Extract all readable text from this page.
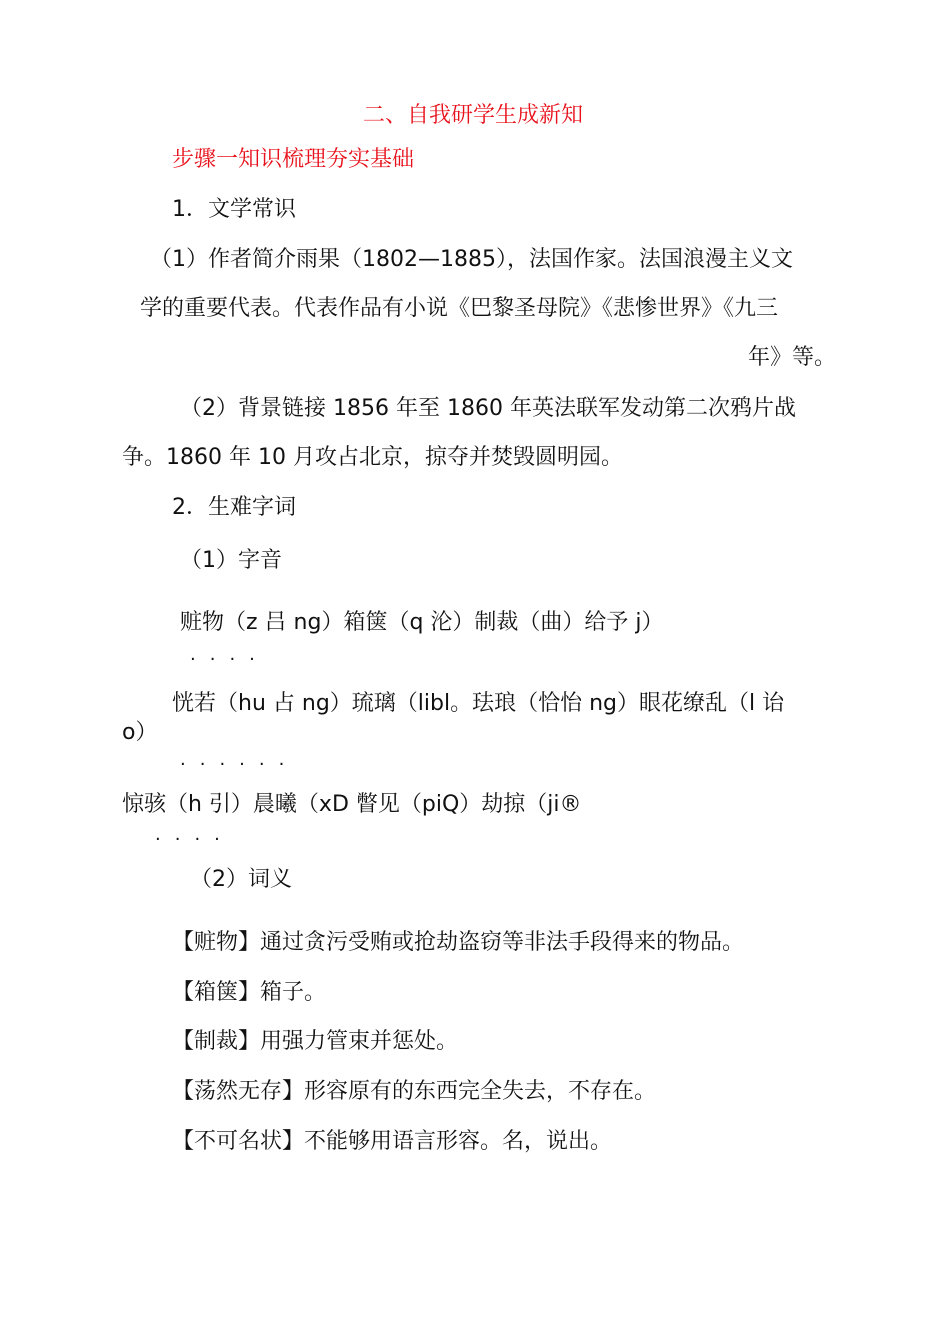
二、自我研学生成新知
步骤一知识梳理夯实基础
1．文学常识
（1）作者简介雨果（1802—1885），法国作家。法国浪漫主义文
学的重要代表。代表作品有小说《巴黎圣母院》《悲惨世界》《九三
年》等。
（2）背景链接 1856 年至 1860 年英法联军发动第二次鸦片战
争。1860 年 10 月攻占北京，掠夺并焚毁圆明园。
2．生难字词
（1）字音
赃物（z 吕 ng）箱箧（q 沦）制裁（曲）给予 j）
····
恍若（hu 占 ng）琉璃（libl。珐琅（恰怡 ng）眼花缭乱（l 诒
o）
······
惊骇（h 引）晨曦（xD 瞥见（piQ）劫掠（ji®
····
（2）词义
【赃物】通过贪污受贿或抢劫盗窃等非法手段得来的物品。
【箱箧】箱子。
【制裁】用强力管束并惩处。
【荡然无存】形容原有的东西完全失去，不存在。
【不可名状】不能够用语言形容。名，说出。
